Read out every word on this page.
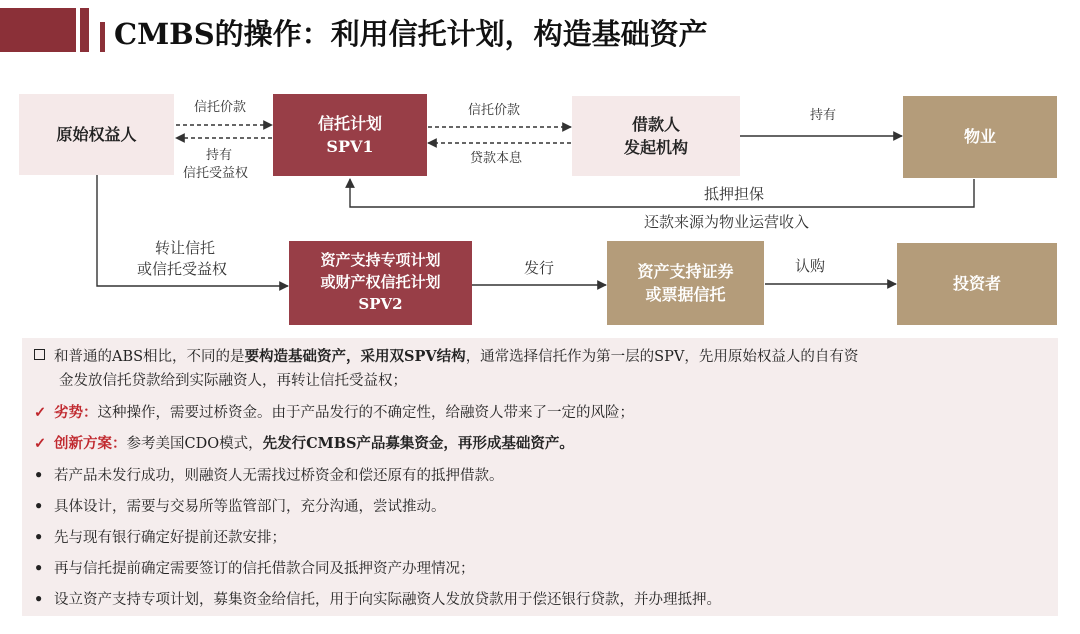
CMBS的操作：利用信托计划，构造基础资产
原始权益人
信托计划
SPV1
借款人
发起机构
物业
资产支持专项计划
或财产权信托计划
SPV2
资产支持证券
或票据信托
投资者
信托价款
持有
信托受益权
信托价款
贷款本息
持有
抵押担保
还款来源为物业运营收入
转让信托
或信托受益权	发行	认购
和普通的ABS相比，不同的是要构造基础资产，采用双SPV结构，通常选择信托作为第一层的SPV，先用原始权益人的自有资
金发放信托贷款给到实际融资人，再转让信托受益权；
✓ 劣势：这种操作，需要过桥资金。由于产品发行的不确定性，给融资人带来了一定的风险；
✓ 创新方案：参考美国CDO模式，先发行CMBS产品募集资金，再形成基础资产。
• 若产品未发行成功，则融资人无需找过桥资金和偿还原有的抵押借款。
• 具体设计，需要与交易所等监管部门，充分沟通，尝试推动。
• 先与现有银行确定好提前还款安排；
• 再与信托提前确定需要签订的信托借款合同及抵押资产办理情况；
• 设立资产支持专项计划，募集资金给信托，用于向实际融资人发放贷款用于偿还银行贷款，并办理抵押。
